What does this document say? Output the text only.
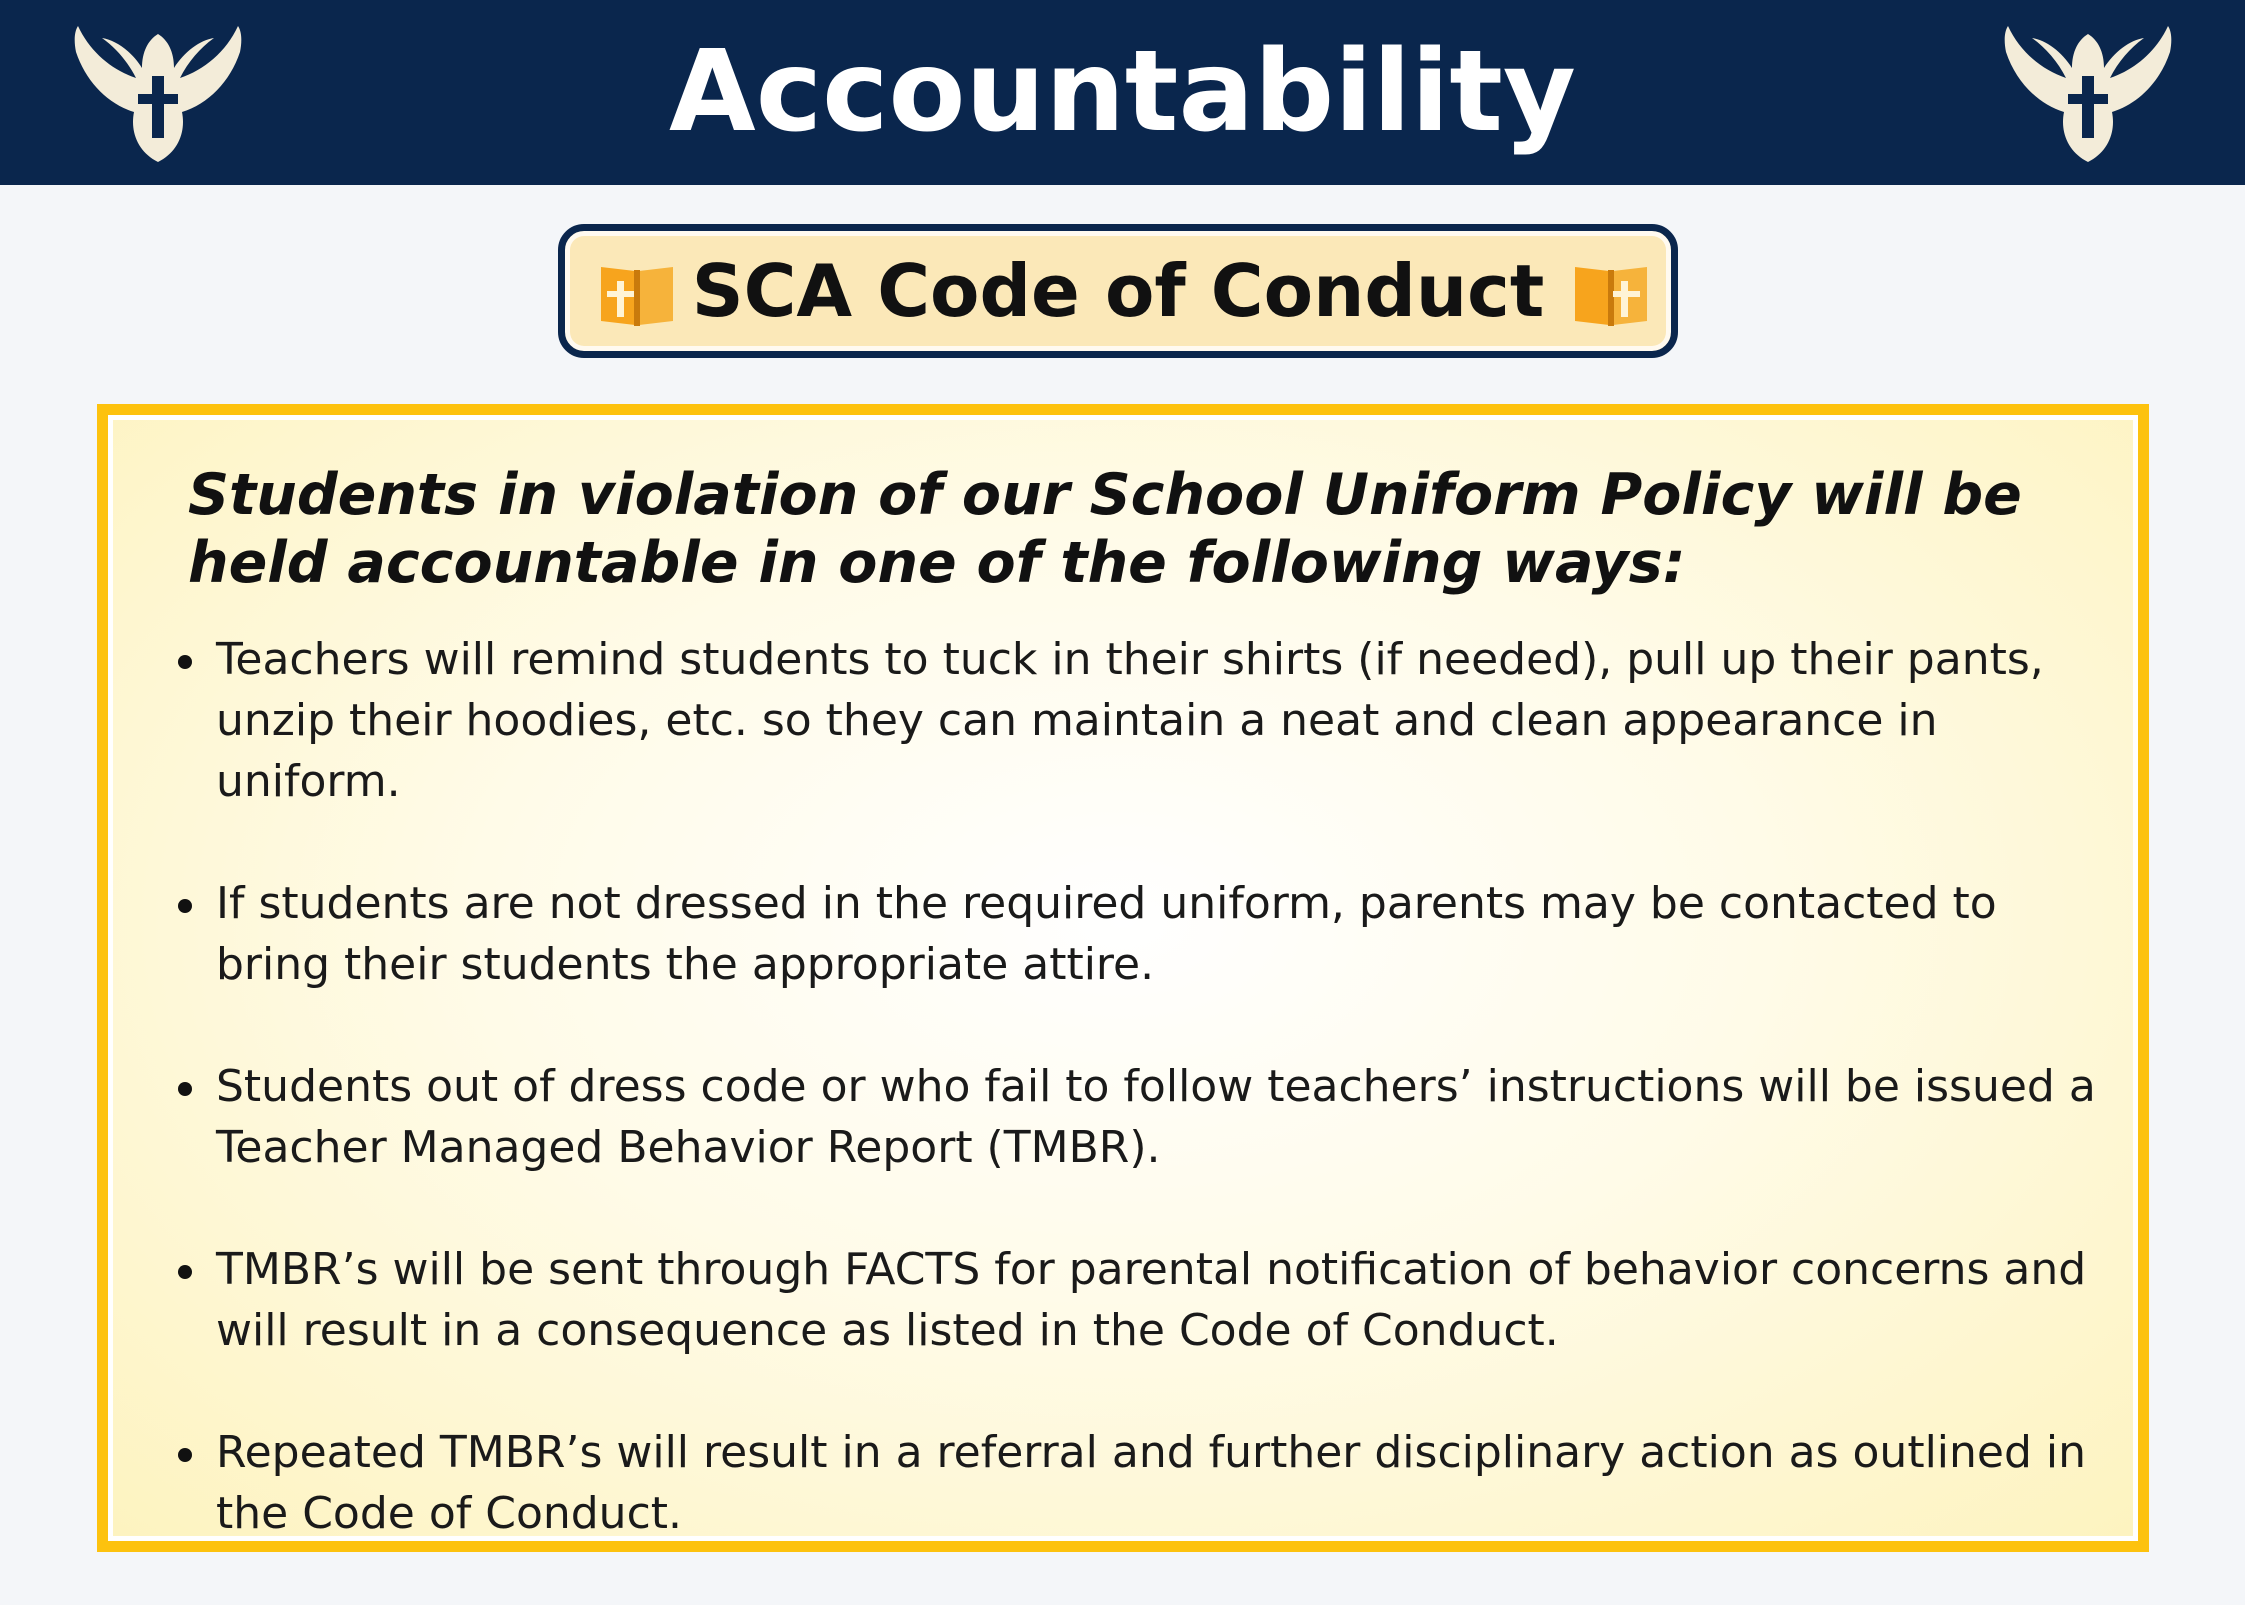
Accountability
SCA Code of Conduct
Students in violation of our School Uniform Policy will be held accountable in one of the following ways:
Teachers will remind students to tuck in their shirts (if needed), pull up their pants, unzip their hoodies, etc. so they can maintain a neat and clean appearance in uniform.
If students are not dressed in the required uniform, parents may be contacted to bring their students the appropriate attire.
Students out of dress code or who fail to follow teachers’ instructions will be issued a Teacher Managed Behavior Report (TMBR).
TMBR’s will be sent through FACTS for parental notification of behavior concerns and will result in a consequence as listed in the Code of Conduct.
Repeated TMBR’s will result in a referral and further disciplinary action as outlined in the Code of Conduct.
